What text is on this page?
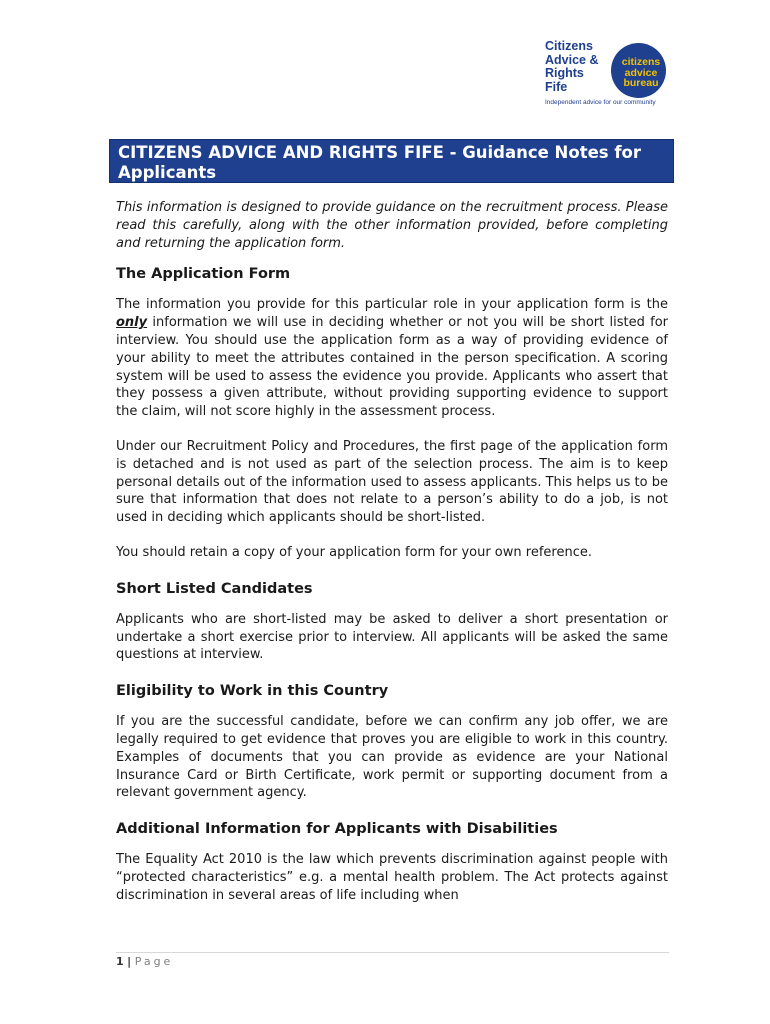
Citizens
Advice &
Rights
Fife
citizens
advice
bureau
Independent advice for our community
CITIZENS ADVICE AND RIGHTS FIFE - Guidance Notes for Applicants

This information is designed to provide guidance on the recruitment process. Please read this carefully, along with the other information provided, before completing and returning the application form.

The Application Form

The information you provide for this particular role in your application form is the only information we will use in deciding whether or not you will be short listed for interview. You should use the application form as a way of providing evidence of your ability to meet the attributes contained in the person specification. A scoring system will be used to assess the evidence you provide. Applicants who assert that they possess a given attribute, without providing supporting evidence to support the claim, will not score highly in the assessment process.

Under our Recruitment Policy and Procedures, the first page of the application form is detached and is not used as part of the selection process. The aim is to keep personal details out of the information used to assess applicants. This helps us to be sure that information that does not relate to a person’s ability to do a job, is not used in deciding which applicants should be short-listed.

You should retain a copy of your application form for your own reference.

Short Listed Candidates

Applicants who are short-listed may be asked to deliver a short presentation or undertake a short exercise prior to interview. All applicants will be asked the same questions at interview.

Eligibility to Work in this Country

If you are the successful candidate, before we can confirm any job offer, we are legally required to get evidence that proves you are eligible to work in this country. Examples of documents that you can provide as evidence are your National Insurance Card or Birth Certificate, work permit or supporting document from a relevant government agency.

Additional Information for Applicants with Disabilities

The Equality Act 2010 is the law which prevents discrimination against people with “protected characteristics” e.g. a mental health problem. The Act protects against discrimination in several areas of life including when

1 | Page
